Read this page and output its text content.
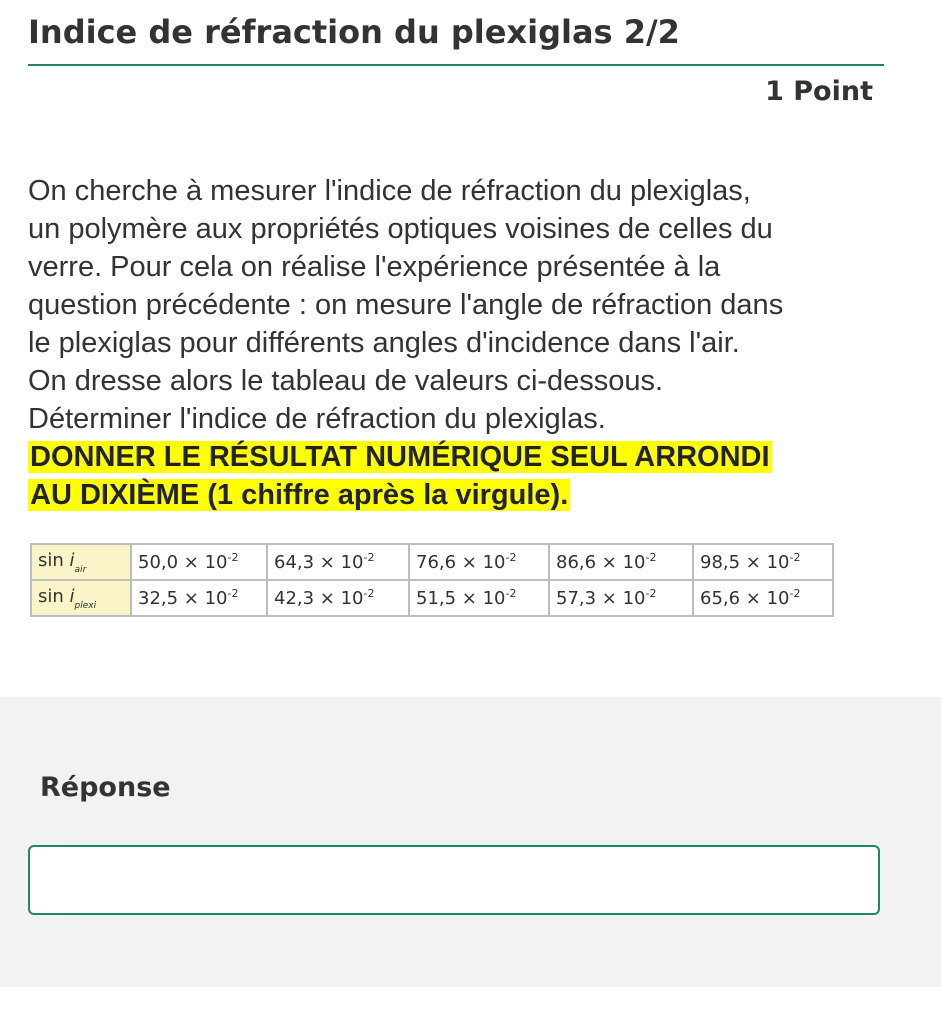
Indice de réfraction du plexiglas 2/2
1 Point

On cherche à mesurer l'indice de réfraction du plexiglas,

un polymère aux propriétés optiques voisines de celles du

verre. Pour cela on réalise l'expérience présentée à la

question précédente : on mesure l'angle de réfraction dans

le plexiglas pour différents angles d'incidence dans l'air.

On dresse alors le tableau de valeurs ci-dessous.

Déterminer l'indice de réfraction du plexiglas.

DONNER LE RÉSULTAT NUMÉRIQUE SEUL ARRONDI

AU DIXIÈME (1 chiffre après la virgule).

$\sin i_{air}$	$50,0 \times 10^{-2}$	$64,3 \times 10^{-2}$	$76,6 \times 10^{-2}$	$86,6 \times 10^{-2}$	$98,5 \times 10^{-2}$
$\sin i_{plexi}$	$32,5 \times 10^{-2}$	$42,3 \times 10^{-2}$	$51,5 \times 10^{-2}$	$57,3 \times 10^{-2}$	$65,6 \times 10^{-2}$
Réponse
